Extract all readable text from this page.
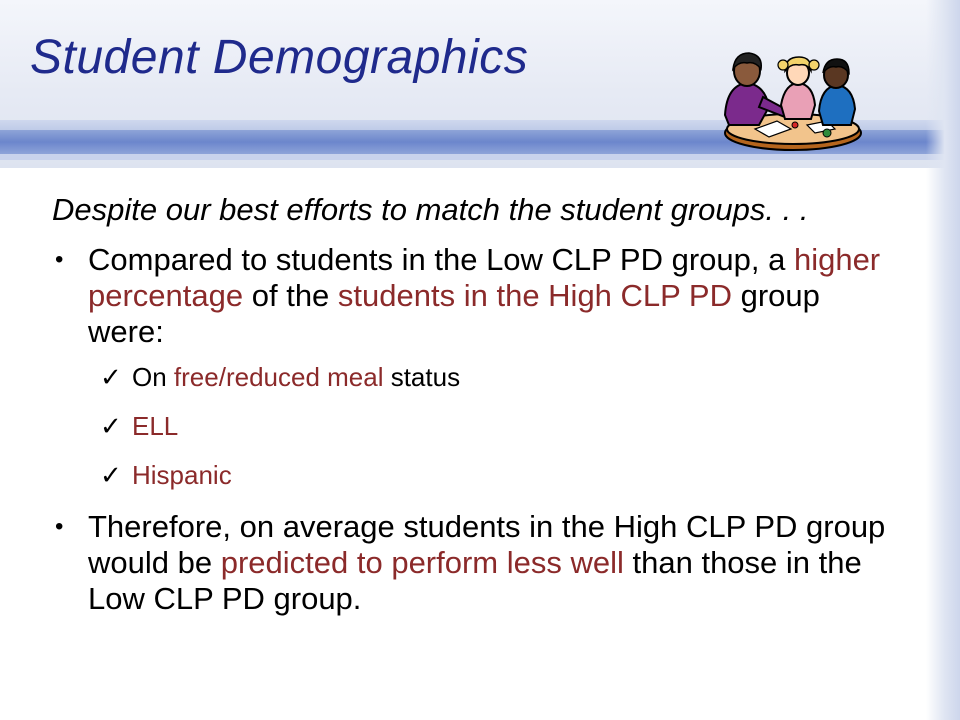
Student Demographics

Despite our best efforts to match the student groups. . .

• Compared to students in the Low CLP PD group, a higher percentage of the students in the High CLP PD group were:
✓ On free/reduced meal status
✓ ELL
✓ Hispanic
• Therefore, on average students in the High CLP PD group would be predicted to perform less well than those in the Low CLP PD group.
